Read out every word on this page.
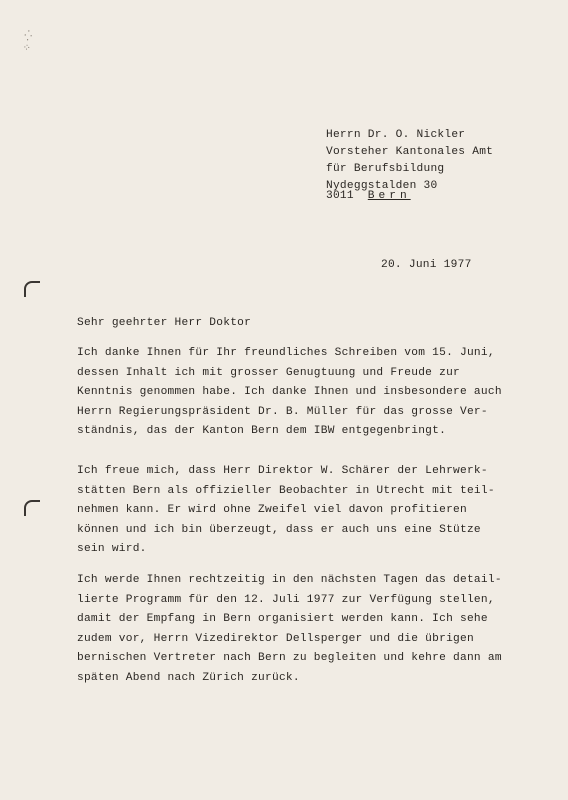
⁛
⁘

Herrn Dr. O. Nickler
Vorsteher Kantonales Amt
für Berufsbildung
Nydeggstalden 30

3011 Bern

20. Juni 1977

Sehr geehrter Herr Doktor

Ich danke Ihnen für Ihr freundliches Schreiben vom 15. Juni,
dessen Inhalt ich mit grosser Genugtuung und Freude zur
Kenntnis genommen habe. Ich danke Ihnen und insbesondere auch
Herrn Regierungspräsident Dr. B. Müller für das grosse Ver-
ständnis, das der Kanton Bern dem IBW entgegenbringt.

Ich freue mich, dass Herr Direktor W. Schärer der Lehrwerk-
stätten Bern als offizieller Beobachter in Utrecht mit teil-
nehmen kann. Er wird ohne Zweifel viel davon profitieren
können und ich bin überzeugt, dass er auch uns eine Stütze
sein wird.

Ich werde Ihnen rechtzeitig in den nächsten Tagen das detail-
lierte Programm für den 12. Juli 1977 zur Verfügung stellen,
damit der Empfang in Bern organisiert werden kann. Ich sehe
zudem vor, Herrn Vizedirektor Dellsperger und die übrigen
bernischen Vertreter nach Bern zu begleiten und kehre dann am
späten Abend nach Zürich zurück.
